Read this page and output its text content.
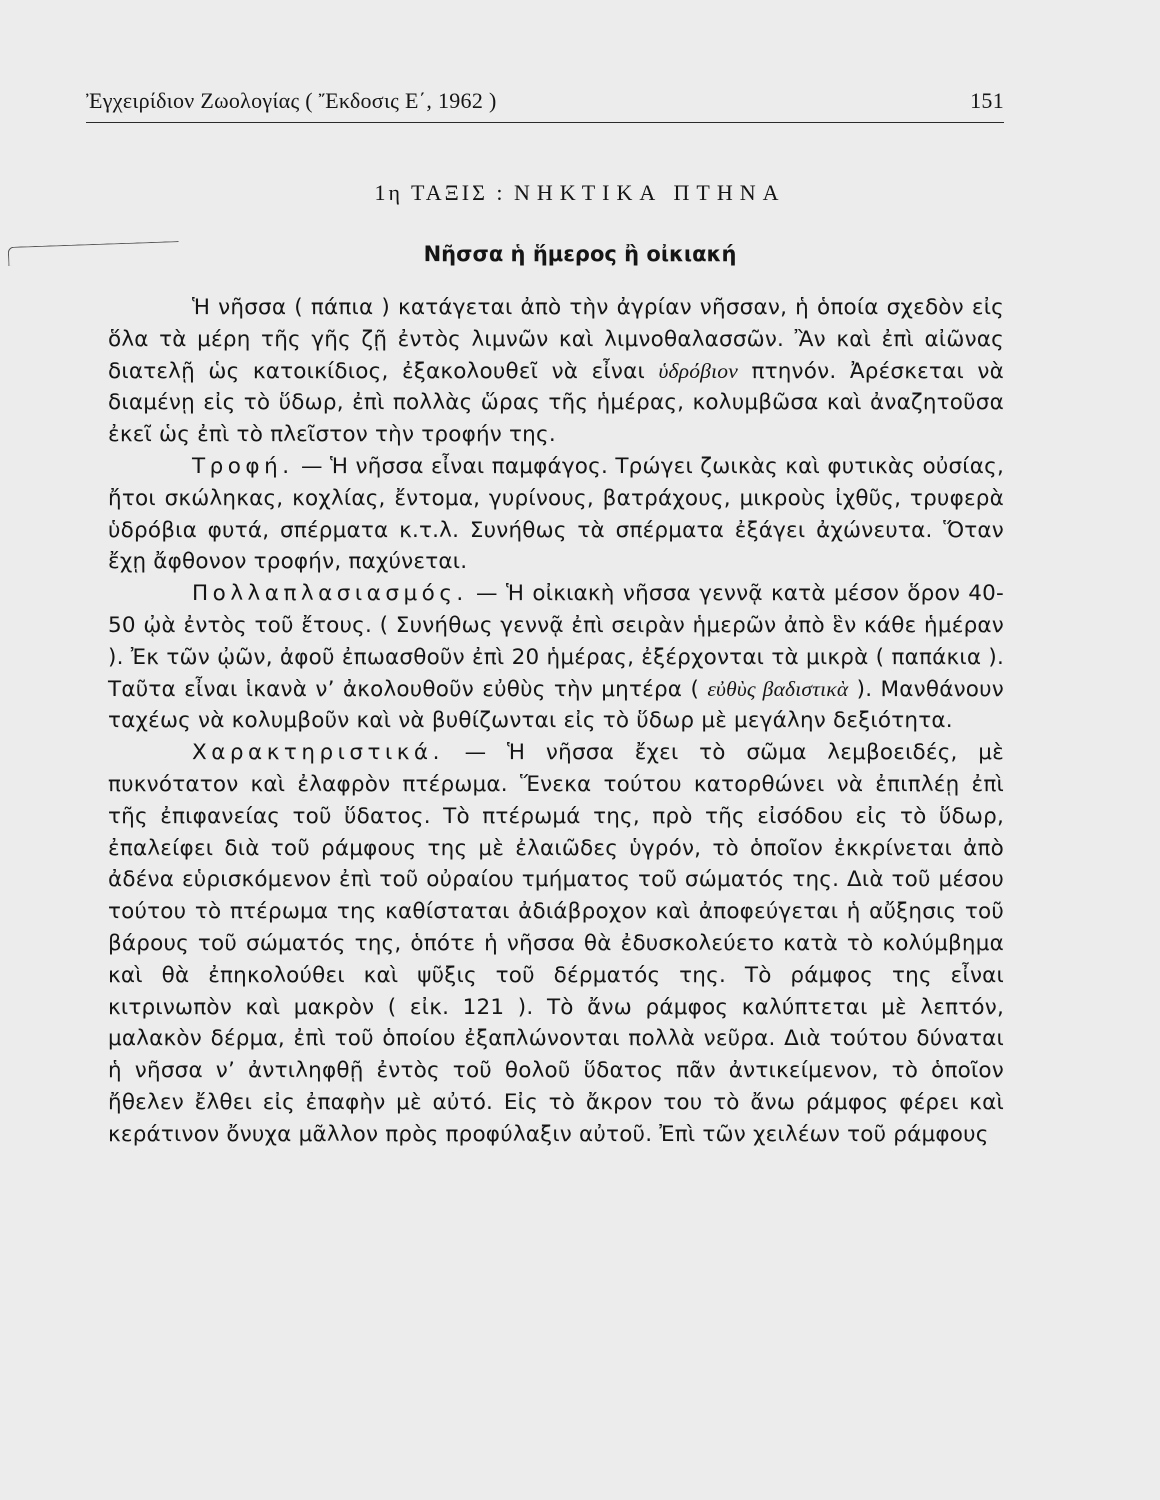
Ἐγχειρίδιον Ζωολογίας ( Ἔκδοσις Ε΄, 1962 )	151
1η ΤΑΞΙΣ : ΝΗΚΤΙΚΑ ΠΤΗΝΑ
Νῆσσα ἡ ἥμερος ἢ οἰκιακή

Ἡ νῆσσα ( πάπια ) κατάγεται ἀπὸ τὴν ἀγρίαν νῆσσαν, ἡ ὁποία σχεδὸν εἰς ὅλα τὰ μέρη τῆς γῆς ζῇ ἐντὸς λιμνῶν καὶ λιμνοθαλασσῶν. Ἂν καὶ ἐπὶ αἰῶνας διατελῇ ὡς κατοικίδιος, ἐξακολουθεῖ νὰ εἶναι ὑδρόβιον πτηνόν. Ἀρέσκεται νὰ διαμένῃ εἰς τὸ ὕδωρ, ἐπὶ πολλὰς ὥρας τῆς ἡμέρας, κολυμβῶσα καὶ ἀναζητοῦσα ἐκεῖ ὡς ἐπὶ τὸ πλεῖστον τὴν τροφήν της.

Τροφή. — Ἡ νῆσσα εἶναι παμφάγος. Τρώγει ζωικὰς καὶ φυτικὰς οὐσίας, ἤτοι σκώληκας, κοχλίας, ἔντομα, γυρίνους, βατράχους, μικροὺς ἰχθῦς, τρυφερὰ ὑδρόβια φυτά, σπέρματα κ.τ.λ. Συνήθως τὰ σπέρματα ἐξάγει ἀχώνευτα. Ὅταν ἔχῃ ἄφθονον τροφήν, παχύνεται.

Πολλαπλασιασμός. — Ἡ οἰκιακὴ νῆσσα γεννᾷ κατὰ μέσον ὅρον 40-50 ᾠὰ ἐντὸς τοῦ ἔτους. ( Συνήθως γεννᾷ ἐπὶ σειρὰν ἡμερῶν ἀπὸ ἓν κάθε ἡμέραν ). Ἐκ τῶν ᾠῶν, ἀφοῦ ἐπωασθοῦν ἐπὶ 20 ἡμέρας, ἐξέρχονται τὰ μικρὰ ( παπάκια ). Ταῦτα εἶναι ἱκανὰ ν’ ἀκολουθοῦν εὐθὺς τὴν μητέρα ( εὐθὺς βαδιστικὰ ). Μανθάνουν ταχέως νὰ κολυμβοῦν καὶ νὰ βυθίζωνται εἰς τὸ ὕδωρ μὲ μεγάλην δεξιότητα.

Χαρακτηριστικά. — Ἡ νῆσσα ἔχει τὸ σῶμα λεμβοειδές, μὲ πυκνότατον καὶ ἐλαφρὸν πτέρωμα. Ἕνεκα τούτου κατορθώνει νὰ ἐπιπλέῃ ἐπὶ τῆς ἐπιφανείας τοῦ ὕδατος. Τὸ πτέρωμά της, πρὸ τῆς εἰσόδου εἰς τὸ ὕδωρ, ἐπαλείφει διὰ τοῦ ράμφους της μὲ ἐλαιῶδες ὑγρόν, τὸ ὁποῖον ἐκκρίνεται ἀπὸ ἀδένα εὑρισκόμενον ἐπὶ τοῦ οὐραίου τμήματος τοῦ σώματός της. Διὰ τοῦ μέσου τούτου τὸ πτέρωμα της καθίσταται ἀδιάβροχον καὶ ἀποφεύγεται ἡ αὔξησις τοῦ βάρους τοῦ σώματός της, ὁπότε ἡ νῆσσα θὰ ἐδυσκολεύετο κατὰ τὸ κολύμβημα καὶ θὰ ἐπηκολούθει καὶ ψῦξις τοῦ δέρματός της. Τὸ ράμφος της εἶναι κιτρινωπὸν καὶ μακρὸν ( εἰκ. 121 ). Τὸ ἄνω ράμφος καλύπτεται μὲ λεπτόν, μαλακὸν δέρμα, ἐπὶ τοῦ ὁποίου ἐξαπλώνονται πολλὰ νεῦρα. Διὰ τούτου δύναται ἡ νῆσσα ν’ ἀντιληφθῇ ἐντὸς τοῦ θολοῦ ὕδατος πᾶν ἀντικείμενον, τὸ ὁποῖον ἤθελεν ἔλθει εἰς ἐπαφὴν μὲ αὐτό. Εἰς τὸ ἄκρον του τὸ ἄνω ράμφος φέρει καὶ κεράτινον ὄνυχα μᾶλλον πρὸς προφύλαξιν αὐτοῦ. Ἐπὶ τῶν χειλέων τοῦ ράμφους
